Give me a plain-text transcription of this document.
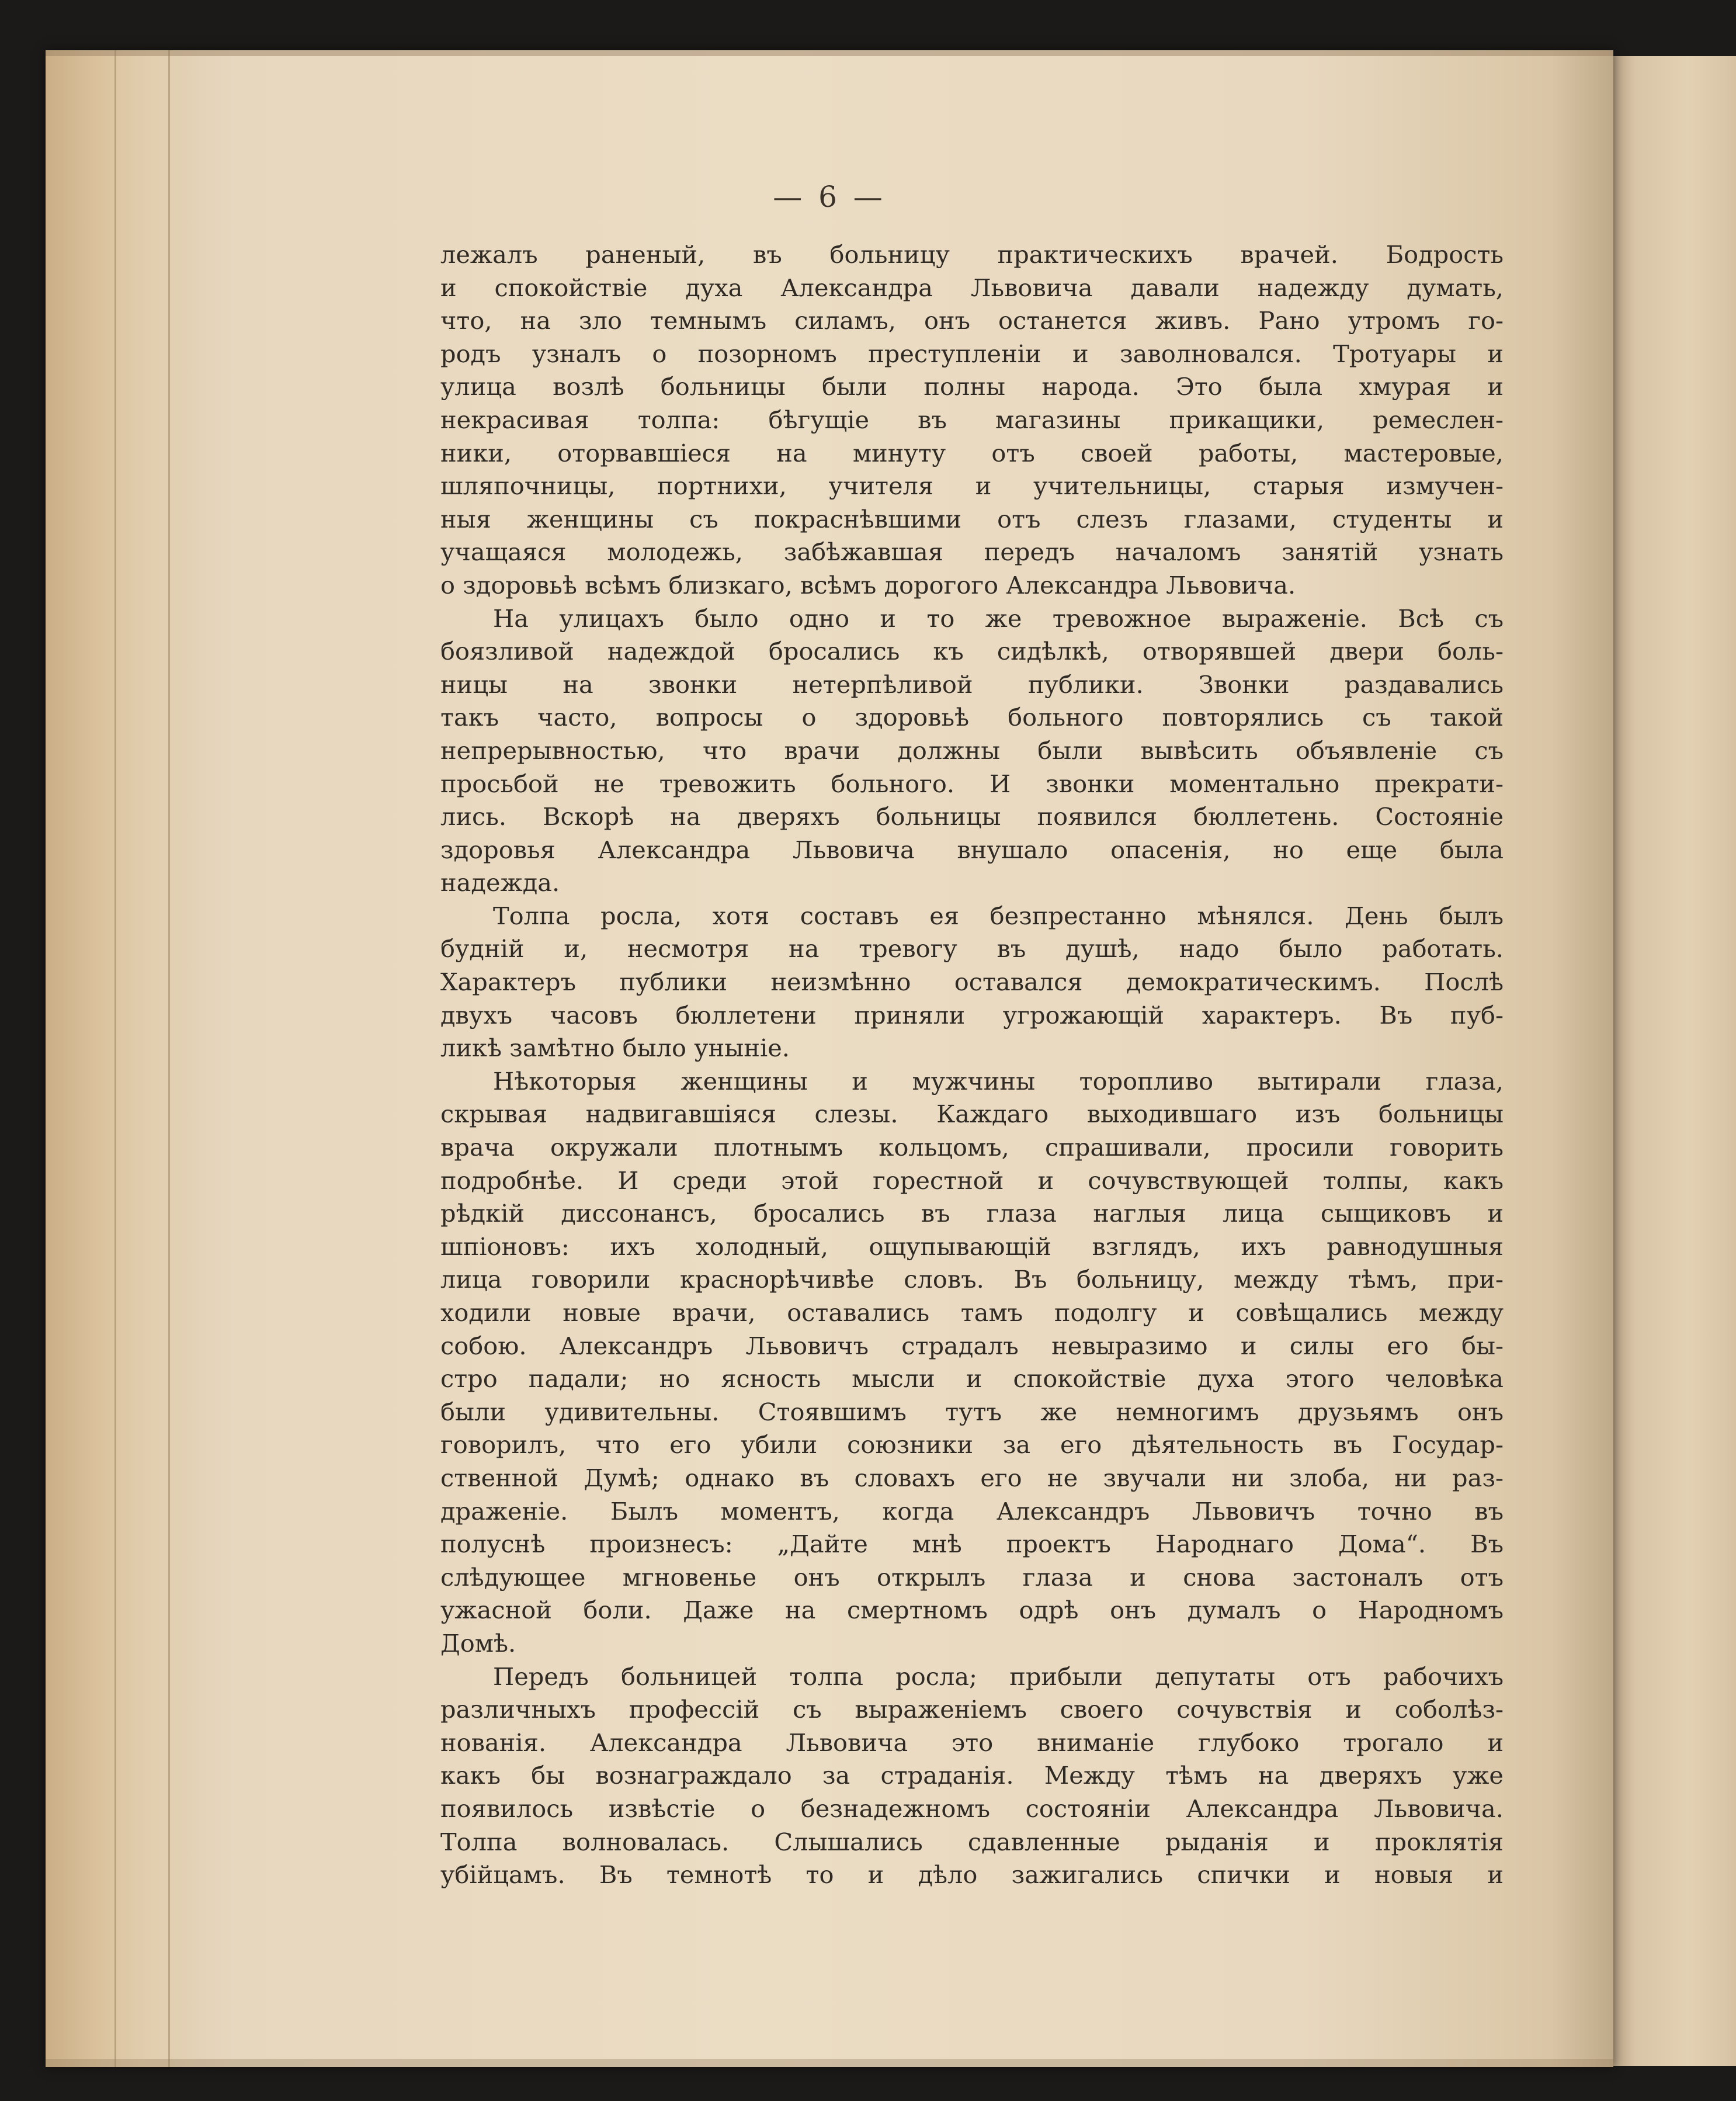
— 6 —
лежалъ раненый, въ больницу практическихъ врачей. Бодрость
и спокойствіе духа Александра Львовича давали надежду думать,
что, на зло темнымъ силамъ, онъ останется живъ. Рано утромъ го-
родъ узналъ о позорномъ преступленіи и заволновался. Тротуары и
улица возлѣ больницы были полны народа. Это была хмурая и
некрасивая толпа: бѣгущіе въ магазины прикащики, ремеслен-
ники, оторвавшіеся на минуту отъ своей работы, мастеровые,
шляпочницы, портнихи, учителя и учительницы, старыя измучен-
ныя женщины съ покраснѣвшими отъ слезъ глазами, студенты и
учащаяся молодежь, забѣжавшая передъ началомъ занятій узнать
о здоровьѣ всѣмъ близкаго, всѣмъ дорогого Александра Львовича.
На улицахъ было одно и то же тревожное выраженіе. Всѣ съ
боязливой надеждой бросались къ сидѣлкѣ, отворявшей двери боль-
ницы на звонки нетерпѣливой публики. Звонки раздавались
такъ часто, вопросы о здоровьѣ больного повторялись съ такой
непрерывностью, что врачи должны были вывѣсить объявленіе съ
просьбой не тревожить больного. И звонки моментально прекрати-
лись. Вскорѣ на дверяхъ больницы появился бюллетень. Состояніе
здоровья Александра Львовича внушало опасенія, но еще была
надежда.
Толпа росла, хотя составъ ея безпрестанно мѣнялся. День былъ
будній и, несмотря на тревогу въ душѣ, надо было работать.
Характеръ публики неизмѣнно оставался демократическимъ. Послѣ
двухъ часовъ бюллетени приняли угрожающій характеръ. Въ пуб-
ликѣ замѣтно было уныніе.
Нѣкоторыя женщины и мужчины торопливо вытирали глаза,
скрывая надвигавшіяся слезы. Каждаго выходившаго изъ больницы
врача окружали плотнымъ кольцомъ, спрашивали, просили говорить
подробнѣе. И среди этой горестной и сочувствующей толпы, какъ
рѣдкій диссонансъ, бросались въ глаза наглыя лица сыщиковъ и
шпіоновъ: ихъ холодный, ощупывающій взглядъ, ихъ равнодушныя
лица говорили краснорѣчивѣе словъ. Въ больницу, между тѣмъ, при-
ходили новые врачи, оставались тамъ подолгу и совѣщались между
собою. Александръ Львовичъ страдалъ невыразимо и силы его бы-
стро падали; но ясность мысли и спокойствіе духа этого человѣка
были удивительны. Стоявшимъ тутъ же немногимъ друзьямъ онъ
говорилъ, что его убили союзники за его дѣятельность въ Государ-
ственной Думѣ; однако въ словахъ его не звучали ни злоба, ни раз-
драженіе. Былъ моментъ, когда Александръ Львовичъ точно въ
полуснѣ произнесъ: „Дайте мнѣ проектъ Народнаго Дома“. Въ
слѣдующее мгновенье онъ открылъ глаза и снова застоналъ отъ
ужасной боли. Даже на смертномъ одрѣ онъ думалъ о Народномъ
Домѣ.
Передъ больницей толпа росла; прибыли депутаты отъ рабочихъ
различныхъ профессій съ выраженіемъ своего сочувствія и соболѣз-
нованія. Александра Львовича это вниманіе глубоко трогало и
какъ бы вознаграждало за страданія. Между тѣмъ на дверяхъ уже
появилось извѣстіе о безнадежномъ состояніи Александра Львовича.
Толпа волновалась. Слышались сдавленные рыданія и проклятія
убійцамъ. Въ темнотѣ то и дѣло зажигались спички и новыя и
